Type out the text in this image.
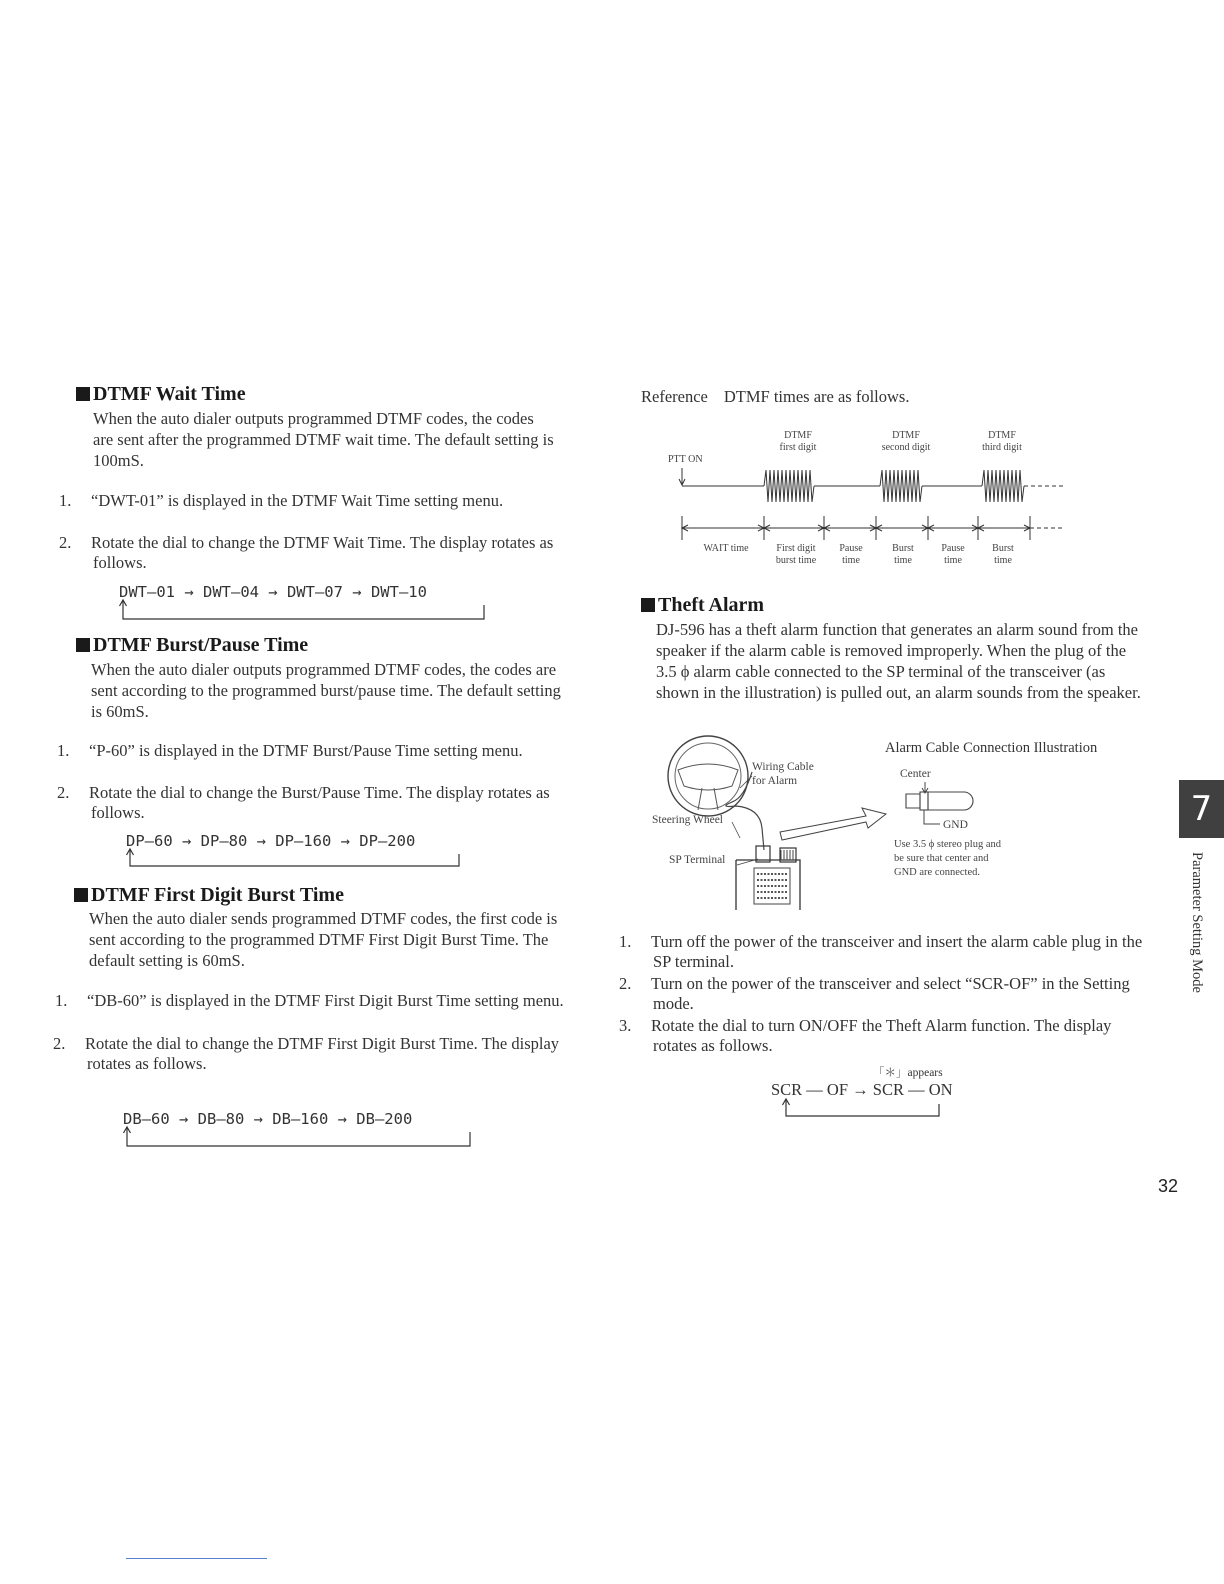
DTMF Wait Time
When the auto dialer outputs programmed DTMF codes, the codes are sent after the programmed DTMF wait time. The default setting is 100mS.
1. “DWT-01” is displayed in the DTMF Wait Time setting menu.
2. Rotate the dial to change the DTMF Wait Time. The display rotates as follows.
DWT—01 → DWT—04 → DWT—07 → DWT—10
DTMF Burst/Pause Time
When the auto dialer outputs programmed DTMF codes, the codes are sent according to the programmed burst/pause time. The default setting is 60mS.
1. “P-60” is displayed in the DTMF Burst/Pause Time setting menu.
2. Rotate the dial to change the Burst/Pause Time. The display rotates as follows.
DP—60 → DP—80 → DP—160 → DP—200
DTMF First Digit Burst Time
When the auto dialer sends programmed DTMF codes, the first code is sent according to the programmed DTMF First Digit Burst Time. The default setting is 60mS.
1. “DB-60” is displayed in the DTMF First Digit Burst Time setting menu.
2. Rotate the dial to change the DTMF First Digit Burst Time. The display rotates as follows.
DB—60 → DB—80 → DB—160 → DB—200
Reference DTMF times are as follows.
DTMF
first digit
DTMF
second digit
DTMF
third digit
PTT ON
WAIT time	First digit
burst time
Pause
time
Burst
time
Pause
time
Burst
time
Theft Alarm
DJ-596 has a theft alarm function that generates an alarm sound from the speaker if the alarm cable is removed improperly. When the plug of the 3.5 ϕ alarm cable connected to the SP terminal of the transceiver (as shown in the illustration) is pulled out, an alarm sounds from the speaker.
Alarm Cable Connection Illustration
Wiring Cable
for Alarm
Steering Wheel
SP Terminal
Center
GND
Use 3.5 ϕ stereo plug and
be sure that center and
GND are connected.
1. Turn off the power of the transceiver and insert the alarm cable plug in the SP terminal.
2. Turn on the power of the transceiver and select “SCR-OF” in the Setting mode.
3. Rotate the dial to turn ON/OFF the Theft Alarm function. The display rotates as follows.
「＊」appears
SCR — OF → SCR — ON
7
Parameter Setting Mode
32
